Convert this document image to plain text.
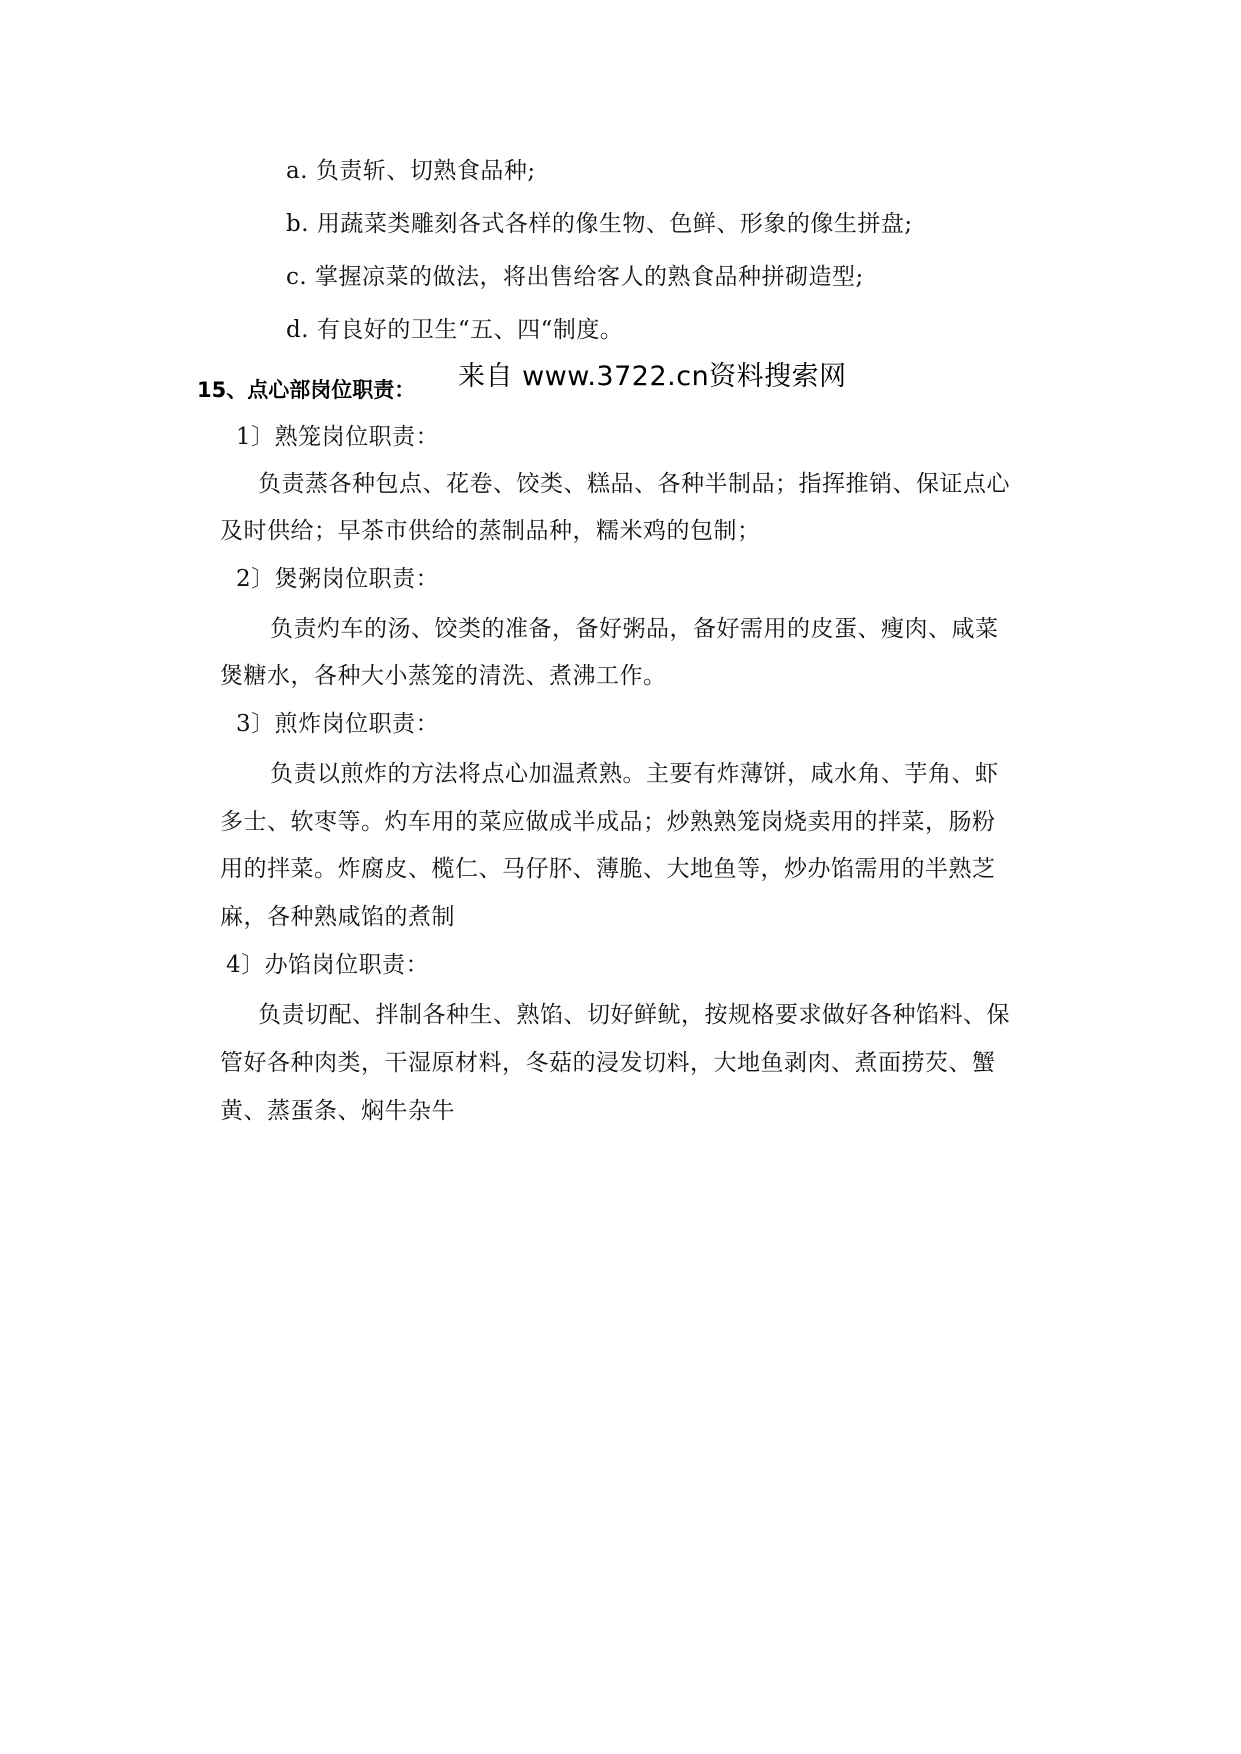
a. 负责斩、切熟食品种;
b. 用蔬菜类雕刻各式各样的像生物、色鲜、形象的像生拼盘;
c. 掌握凉菜的做法，将出售给客人的熟食品种拼砌造型;
d. 有良好的卫生“五、四“制度。
15、点心部岗位职责： 来自 www.3722.cn资料搜索网
1〕熟笼岗位职责：
负责蒸各种包点、花卷、饺类、糕品、各种半制品；指挥推销、保证点心
及时供给；早茶市供给的蒸制品种，糯米鸡的包制；
2〕煲粥岗位职责：
负责灼车的汤、饺类的准备，备好粥品，备好需用的皮蛋、瘦肉、咸菜
煲糖水，各种大小蒸笼的清洗、煮沸工作。
3〕煎炸岗位职责：
负责以煎炸的方法将点心加温煮熟。主要有炸薄饼，咸水角、芋角、虾
多士、软枣等。灼车用的菜应做成半成品；炒熟熟笼岗烧卖用的拌菜，肠粉
用的拌菜。炸腐皮、榄仁、马仔肧、薄脆、大地鱼等，炒办馅需用的半熟芝
麻，各种熟咸馅的煮制
4〕办馅岗位职责：
负责切配、拌制各种生、熟馅、切好鲜鱿，按规格要求做好各种馅料、保
管好各种肉类，干湿原材料，冬菇的浸发切料，大地鱼剥肉、煮面捞芡、蟹
黄、蒸蛋条、焖牛杂牛
